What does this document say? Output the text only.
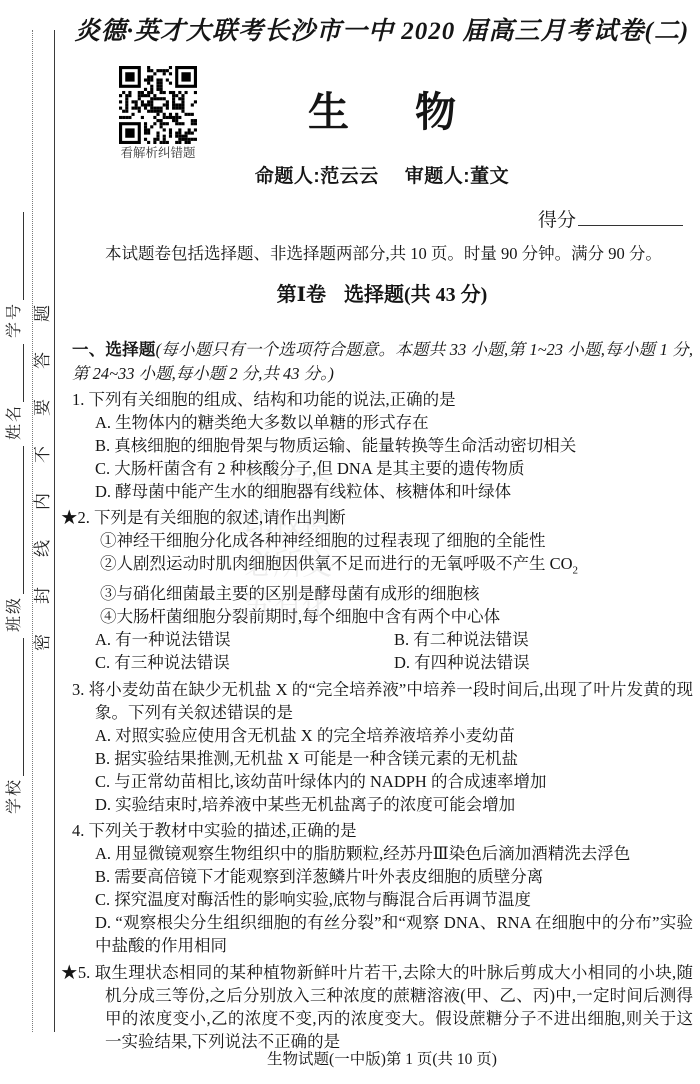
学校
班级
姓名
学号 密封线内不要答题	炎德文化
版权所有
翻印必究
炎德·英才大联考长沙市一中 2020 届高三月考试卷(二)
看解析纠错题
生 物
命题人:范云云 审题人:董文
得分
本试题卷包括选择题、非选择题两部分,共 10 页。时量 90 分钟。满分 90 分。
第Ⅰ卷 选择题(共 43 分)
一、选择题(每小题只有一个选项符合题意。本题共 33 小题,第 1~23 小题,每小题 1 分,第 24~33 小题,每小题 2 分,共 43 分。)
1. 下列有关细胞的组成、结构和功能的说法,正确的是
A. 生物体内的糖类绝大多数以单糖的形式存在
B. 真核细胞的细胞骨架与物质运输、能量转换等生命活动密切相关
C. 大肠杆菌含有 2 种核酸分子,但 DNA 是其主要的遗传物质
D. 酵母菌中能产生水的细胞器有线粒体、核糖体和叶绿体
★2. 下列是有关细胞的叙述,请作出判断
①神经干细胞分化成各种神经细胞的过程表现了细胞的全能性
②人剧烈运动时肌肉细胞因供氧不足而进行的无氧呼吸不产生 $CO_2$
③与硝化细菌最主要的区别是酵母菌有成形的细胞核
④大肠杆菌细胞分裂前期时,每个细胞中含有两个中心体
A. 有一种说法错误	B. 有二种说法错误
C. 有三种说法错误	D. 有四种说法错误
3. 将小麦幼苗在缺少无机盐 X 的“完全培养液”中培养一段时间后,出现了叶片发黄的现象。下列有关叙述错误的是
A. 对照实验应使用含无机盐 X 的完全培养液培养小麦幼苗
B. 据实验结果推测,无机盐 X 可能是一种含镁元素的无机盐
C. 与正常幼苗相比,该幼苗叶绿体内的 NADPH 的合成速率增加
D. 实验结束时,培养液中某些无机盐离子的浓度可能会增加
4. 下列关于教材中实验的描述,正确的是
A. 用显微镜观察生物组织中的脂肪颗粒,经苏丹Ⅲ染色后滴加酒精洗去浮色
B. 需要高倍镜下才能观察到洋葱鳞片叶外表皮细胞的质壁分离
C. 探究温度对酶活性的影响实验,底物与酶混合后再调节温度
D. “观察根尖分生组织细胞的有丝分裂”和“观察 DNA、RNA 在细胞中的分布”实验中盐酸的作用相同
★5. 取生理状态相同的某种植物新鲜叶片若干,去除大的叶脉后剪成大小相同的小块,随机分成三等份,之后分别放入三种浓度的蔗糖溶液(甲、乙、丙)中,一定时间后测得甲的浓度变小,乙的浓度不变,丙的浓度变大。假设蔗糖分子不进出细胞,则关于这一实验结果,下列说法不正确的是
生物试题(一中版)第 1 页(共 10 页)
